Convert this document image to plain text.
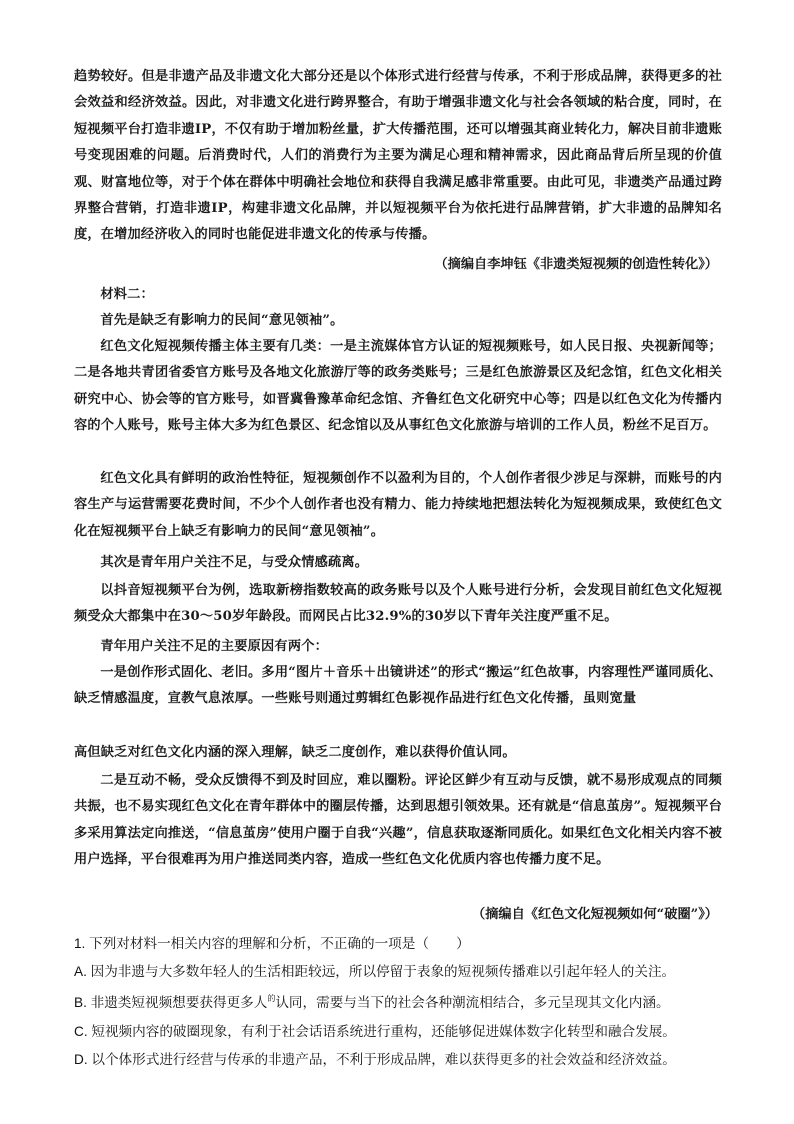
趋势较好。但是非遗产品及非遗文化大部分还是以个体形式进行经营与传承，不利于形成品牌，获得更多的社会效益和经济效益。因此，对非遗文化进行跨界整合，有助于增强非遗文化与社会各领域的粘合度，同时，在短视频平台打造非遗IP，不仅有助于增加粉丝量，扩大传播范围，还可以增强其商业转化力，解决目前非遗账号变现困难的问题。后消费时代，人们的消费行为主要为满足心理和精神需求，因此商品背后所呈现的价值观、财富地位等，对于个体在群体中明确社会地位和获得自我满足感非常重要。由此可见，非遗类产品通过跨界整合营销，打造非遗IP，构建非遗文化品牌，并以短视频平台为依托进行品牌营销，扩大非遗的品牌知名度，在增加经济收入的同时也能促进非遗文化的传承与传播。

（摘编自李坤钰《非遗类短视频的创造性转化》）

材料二：

首先是缺乏有影响力的民间“意见领袖”。

红色文化短视频传播主体主要有几类：一是主流媒体官方认证的短视频账号，如人民日报、央视新闻等；二是各地共青团省委官方账号及各地文化旅游厅等的政务类账号；三是红色旅游景区及纪念馆，红色文化相关研究中心、协会等的官方账号，如晋冀鲁豫革命纪念馆、齐鲁红色文化研究中心等；四是以红色文化为传播内容的个人账号，账号主体大多为红色景区、纪念馆以及从事红色文化旅游与培训的工作人员，粉丝不足百万。

红色文化具有鲜明的政治性特征，短视频创作不以盈利为目的，个人创作者很少涉足与深耕，而账号的内容生产与运营需要花费时间，不少个人创作者也没有精力、能力持续地把想法转化为短视频成果，致使红色文化在短视频平台上缺乏有影响力的民间“意见领袖”。

其次是青年用户关注不足，与受众情感疏离。

以抖音短视频平台为例，选取新榜指数较高的政务账号以及个人账号进行分析，会发现目前红色文化短视频受众大都集中在30～50岁年龄段。而网民占比32.9%的30岁以下青年关注度严重不足。

青年用户关注不足的主要原因有两个：

一是创作形式固化、老旧。多用“图片＋音乐＋出镜讲述”的形式“搬运”红色故事，内容理性严谨同质化、缺乏情感温度，宣教气息浓厚。一些账号则通过剪辑红色影视作品进行红色文化传播，虽则宽量

高但缺乏对红色文化内涵的深入理解，缺乏二度创作，难以获得价值认同。

二是互动不畅，受众反馈得不到及时回应，难以圈粉。评论区鲜少有互动与反馈，就不易形成观点的同频共振，也不易实现红色文化在青年群体中的圈层传播，达到思想引领效果。还有就是“信息茧房”。短视频平台多采用算法定向推送，“信息茧房”使用户圈于自我“兴趣”，信息获取逐渐同质化。如果红色文化相关内容不被用户选择，平台很难再为用户推送同类内容，造成一些红色文化优质内容也传播力度不足。

（摘编自《红色文化短视频如何“破圈”》）

1. 下列对材料一相关内容的理解和分析，不正确的一项是（　　）

A. 因为非遗与大多数年轻人的生活相距较远，所以停留于表象的短视频传播难以引起年轻人的关注。

B. 非遗类短视频想要获得更多人$^的$认同，需要与当下的社会各种潮流相结合，多元呈现其文化内涵。

C. 短视频内容的破圈现象，有利于社会话语系统进行重构，还能够促进媒体数字化转型和融合发展。

D. 以个体形式进行经营与传承的非遗产品，不利于形成品牌，难以获得更多的社会效益和经济效益。
